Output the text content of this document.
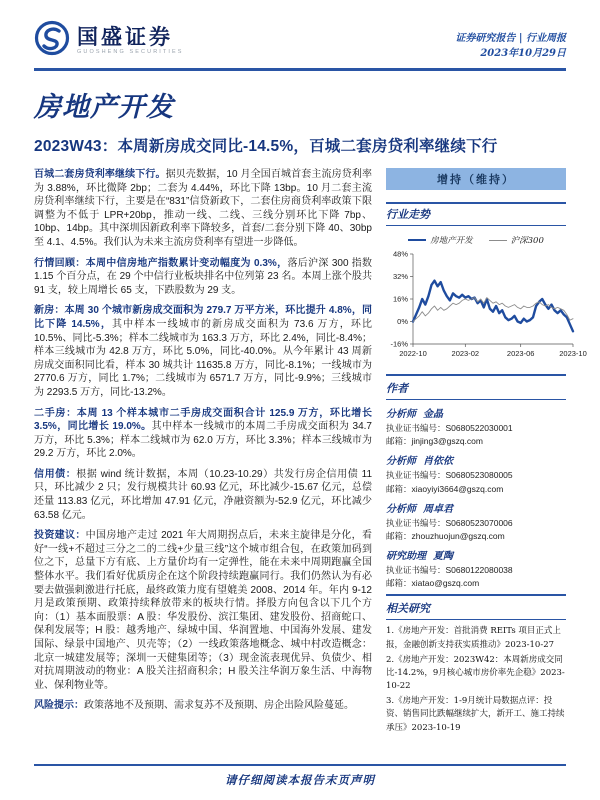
国盛证券
GUOSHENG SECURITIES
证券研究报告 | 行业周报
2023年10月29日
房地产开发
2023W43：本周新房成交同比-14.5%，百城二套房贷利率继续下行

百城二套房贷利率继续下行。据贝壳数据，10 月全国百城首套主流房贷利率为 3.88%，环比微降 2bp；二套为 4.44%，环比下降 13bp。10 月二套主流房贷利率继续下行，主要是在“831”信贷新政下，二套住房商贷利率政策下限调整为不低于 LPR+20bp，推动一线、二线、三线分别环比下降 7bp、10bp、14bp。其中深圳因新政利率下降较多，首套/二套分别下降 40、30bp 至 4.1、4.5%。我们认为未来主流房贷利率有望进一步降低。

行情回顾：本周中信房地产指数累计变动幅度为 0.3%，落后沪深 300 指数 1.15 个百分点，在 29 个中信行业板块排名中位列第 23 名。本周上涨个股共 91 支，较上周增长 65 支，下跌股数为 29 支。

新房：本周 30 个城市新房成交面积为 279.7 万平方米，环比提升 4.8%，同比下降 14.5%，其中样本一线城市的新房成交面积为 73.6 万方，环比 10.5%、同比-5.3%；样本二线城市为 163.3 万方，环比 2.4%，同比-8.4%；样本三线城市为 42.8 万方，环比 5.0%，同比-40.0%。从今年累计 43 周新房成交面积同比看，样本 30 城共计 11635.8 万方，同比-8.1%；一线城市为 2770.6 万方，同比 1.7%；二线城市为 6571.7 万方，同比-9.9%；三线城市为 2293.5 万方，同比-13.2%。

二手房：本周 13 个样本城市二手房成交面积合计 125.9 万方，环比增长 3.5%，同比增长 19.0%。其中样本一线城市的本周二手房成交面积为 34.7 万方，环比 5.3%；样本二线城市为 62.0 万方，环比 3.3%；样本三线城市为 29.2 万方，环比 2.0%。

信用债：根据 wind 统计数据，本周（10.23-10.29）共发行房企信用债 11 只，环比减少 2 只；发行规模共计 60.93 亿元，环比减少-15.67 亿元，总偿还量 113.83 亿元，环比增加 47.91 亿元，净融资额为-52.9 亿元，环比减少 63.58 亿元。

投资建议：中国房地产走过 2021 年大周期拐点后，未来主旋律是分化，看好“一线+不超过三分之二的二线+少量三线”这个城市组合包，在政策加码到位之下，总量下方有底、上方量价均有一定弹性，能在未来中周期跑赢全国整体水平。我们看好优质房企在这个阶段持续跑赢同行。我们仍然认为有必要去做强刺激进行托底，最终政策力度有望媲美 2008、2014 年。年内 9-12 月是政策预期、政策持续释放带来的板块行情。择股方向包含以下几个方向：（1）基本面股票：A 股：华发股份、滨江集团、建发股份、招商蛇口、保利发展等；H 股：越秀地产、绿城中国、华润置地、中国海外发展、建发国际、绿景中国地产、贝壳等；（2）一线政策落地概念、城中村改造概念：北京一城建发展等；深圳一天健集团等；（3）现金流表现优异、负债少、相对抗周期波动的物业：A 股关注招商积余；H 股关注华润万象生活、中海物业、保利物业等。

风险提示：政策落地不及预期、需求复苏不及预期、房企出险风险蔓延。

增持（维持）
行业走势
房地产开发	沪深300
48%
32%
16%
0%
-16%
2022-10	2023-02	2023-06	2023-10
作者
分析师 金晶
执业证书编号：S0680522030001
邮箱：jinjing3@gszq.com
分析师 肖依依
执业证书编号：S0680523080005
邮箱：xiaoyiyi3664@gszq.com
分析师 周卓君
执业证书编号：S0680523070006
邮箱：zhouzhuojun@gszq.com
研究助理 夏陶
执业证书编号：S0680122080038
邮箱：xiatao@gszq.com
相关研究
1.《房地产开发：首批消费 REITs 项目正式上报，金融创新支持获实质推动》2023-10-27
2.《房地产开发：2023W42：本周新房成交同比-14.2%，9月核心城市房价率先企稳》2023-10-22
3.《房地产开发：1-9月统计局数据点评：投资、销售同比跌幅继续扩大，新开工、施工持续承压》2023-10-19
请仔细阅读本报告末页声明
